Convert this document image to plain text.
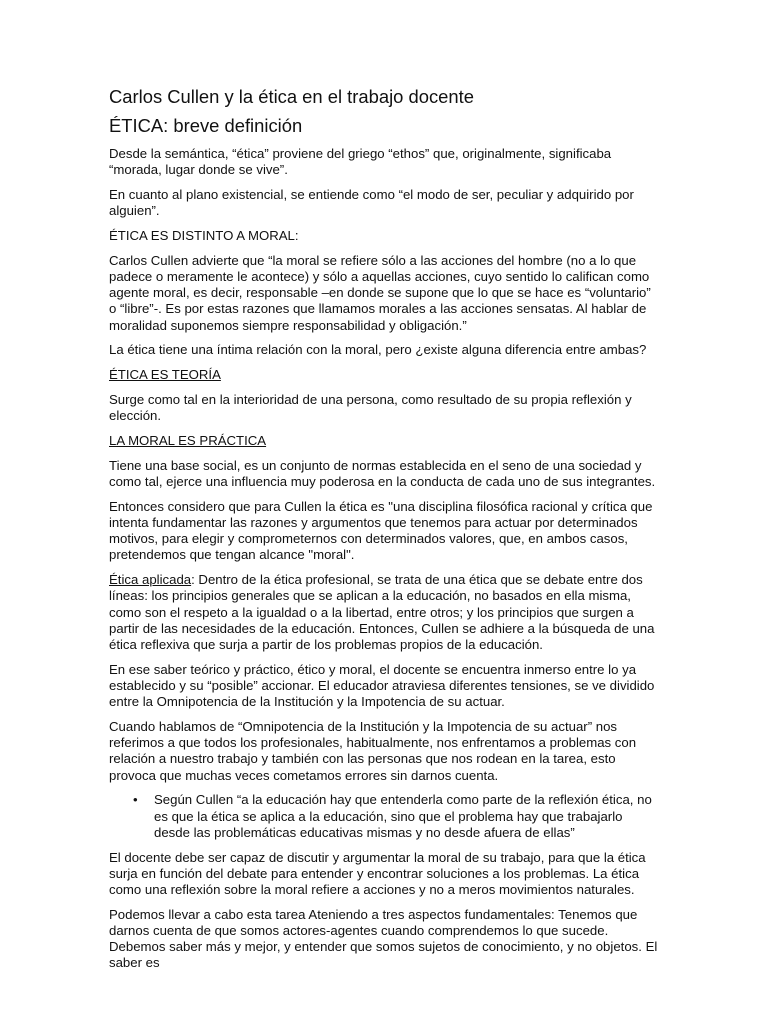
Carlos Cullen y la ética en el trabajo docente
ÉTICA: breve definición

Desde la semántica, “ética” proviene del griego “ethos” que, originalmente, significaba “morada, lugar donde se vive”.

En cuanto al plano existencial, se entiende como “el modo de ser, peculiar y adquirido por alguien”.

ÉTICA ES DISTINTO A MORAL:

Carlos Cullen advierte que “la moral se refiere sólo a las acciones del hombre (no a lo que padece o meramente le acontece) y sólo a aquellas acciones, cuyo sentido lo califican como agente moral, es decir, responsable –en donde se supone que lo que se hace es “voluntario” o “libre”-. Es por estas razones que llamamos morales a las acciones sensatas. Al hablar de moralidad suponemos siempre responsabilidad y obligación.”

La ética tiene una íntima relación con la moral, pero ¿existe alguna diferencia entre ambas?

ÉTICA ES TEORÍA

Surge como tal en la interioridad de una persona, como resultado de su propia reflexión y elección.

LA MORAL ES PRÁCTICA

Tiene una base social, es un conjunto de normas establecida en el seno de una sociedad y como tal, ejerce una influencia muy poderosa en la conducta de cada uno de sus integrantes.

Entonces considero que para Cullen la ética es "una disciplina filosófica racional y crítica que intenta fundamentar las razones y argumentos que tenemos para actuar por determinados motivos, para elegir y comprometernos con determinados valores, que, en ambos casos, pretendemos que tengan alcance "moral".

Ética aplicada: Dentro de la ética profesional, se trata de una ética que se debate entre dos líneas: los principios generales que se aplican a la educación, no basados en ella misma, como son el respeto a la igualdad o a la libertad, entre otros; y los principios que surgen a partir de las necesidades de la educación. Entonces, Cullen se adhiere a la búsqueda de una ética reflexiva que surja a partir de los problemas propios de la educación.

En ese saber teórico y práctico, ético y moral, el docente se encuentra inmerso entre lo ya establecido y su “posible” accionar. El educador atraviesa diferentes tensiones, se ve dividido entre la Omnipotencia de la Institución y la Impotencia de su actuar.

Cuando hablamos de “Omnipotencia de la Institución y la Impotencia de su actuar” nos referimos a que todos los profesionales, habitualmente, nos enfrentamos a problemas con relación a nuestro trabajo y también con las personas que nos rodean en la tarea, esto provoca que muchas veces cometamos errores sin darnos cuenta.

•	Según Cullen “a la educación hay que entenderla como parte de la reflexión ética, no es que la ética se aplica a la educación, sino que el problema hay que trabajarlo desde las problemáticas educativas mismas y no desde afuera de ellas”

El docente debe ser capaz de discutir y argumentar la moral de su trabajo, para que la ética surja en función del debate para entender y encontrar soluciones a los problemas. La ética como una reflexión sobre la moral refiere a acciones y no a meros movimientos naturales.

Podemos llevar a cabo esta tarea Ateniendo a tres aspectos fundamentales: Tenemos que darnos cuenta de que somos actores-agentes cuando comprendemos lo que sucede. Debemos saber más y mejor, y entender que somos sujetos de conocimiento, y no objetos. El saber es
